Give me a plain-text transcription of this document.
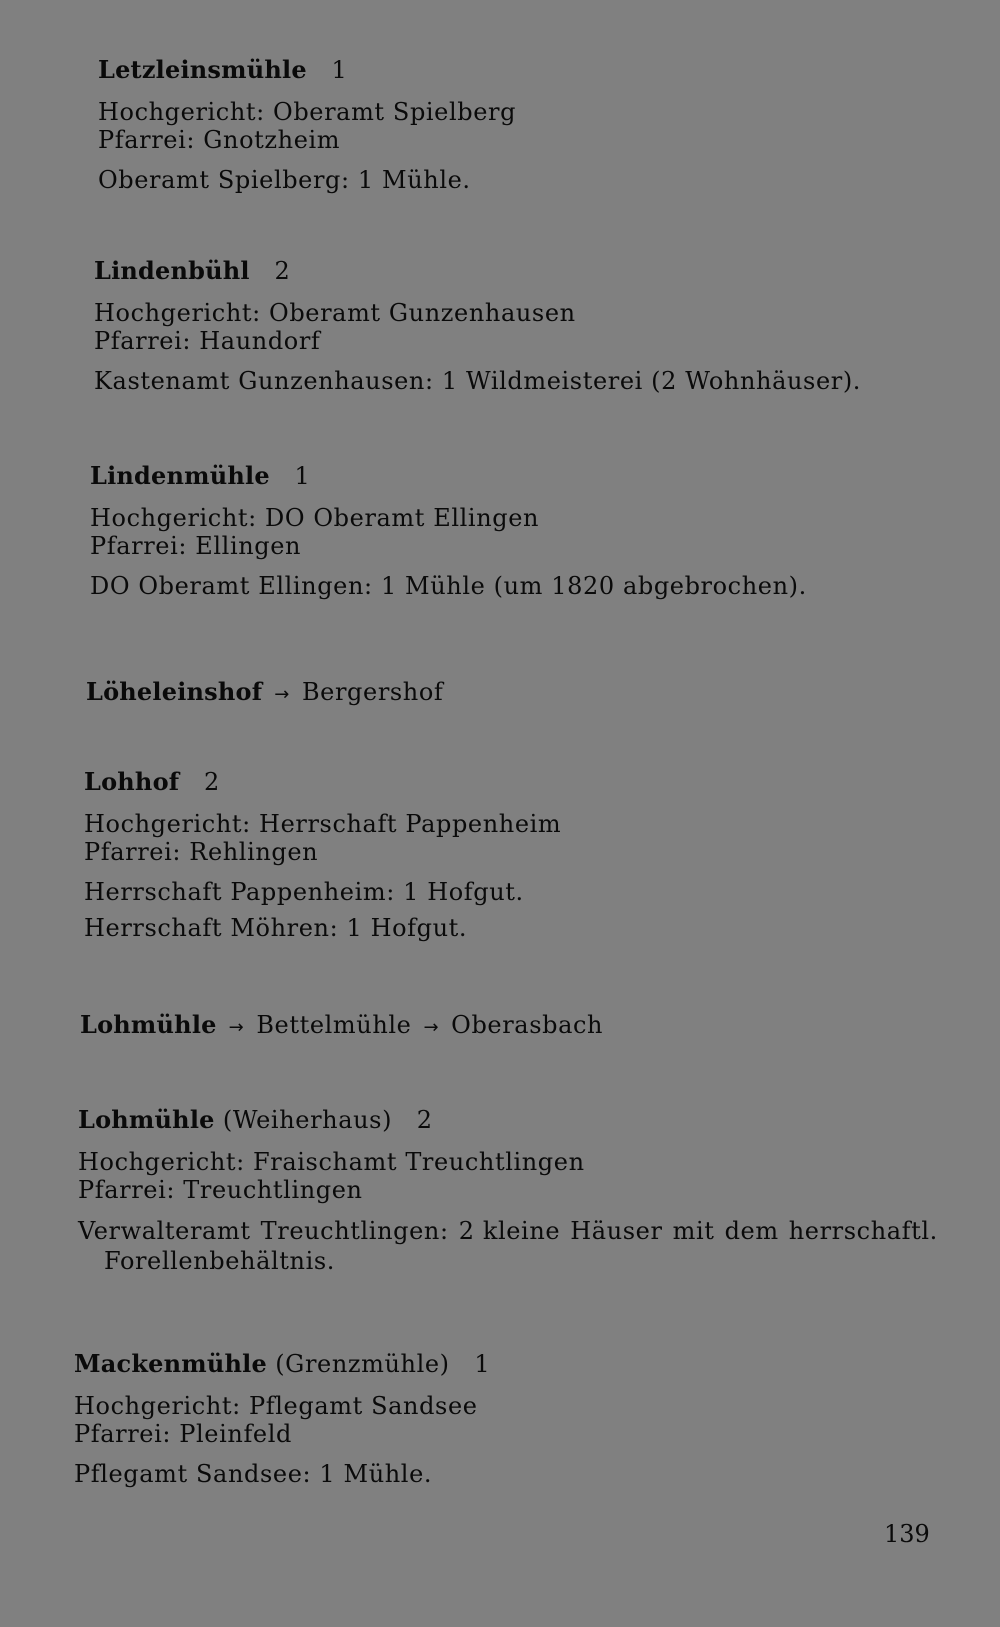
Letzleinsmühle 1
Hochgericht: Oberamt Spielberg
Pfarrei: Gnotzheim
Oberamt Spielberg: 1 Mühle.
Lindenbühl 2
Hochgericht: Oberamt Gunzenhausen
Pfarrei: Haundorf
Kastenamt Gunzenhausen: 1 Wildmeisterei (2 Wohnhäuser).
Lindenmühle 1
Hochgericht: DO Oberamt Ellingen
Pfarrei: Ellingen
DO Oberamt Ellingen: 1 Mühle (um 1820 abgebrochen).
Löheleinshof → Bergershof
Lohhof 2
Hochgericht: Herrschaft Pappenheim
Pfarrei: Rehlingen
Herrschaft Pappenheim: 1 Hofgut.
Herrschaft Möhren: 1 Hofgut.
Lohmühle → Bettelmühle → Oberasbach
Lohmühle (Weiherhaus) 2
Hochgericht: Fraischamt Treuchtlingen
Pfarrei: Treuchtlingen
Verwalteramt Treuchtlingen: 2 kleine Häuser mit dem herrschaftl.
Forellenbehältnis.
Mackenmühle (Grenzmühle) 1
Hochgericht: Pflegamt Sandsee
Pfarrei: Pleinfeld
Pflegamt Sandsee: 1 Mühle.
139
